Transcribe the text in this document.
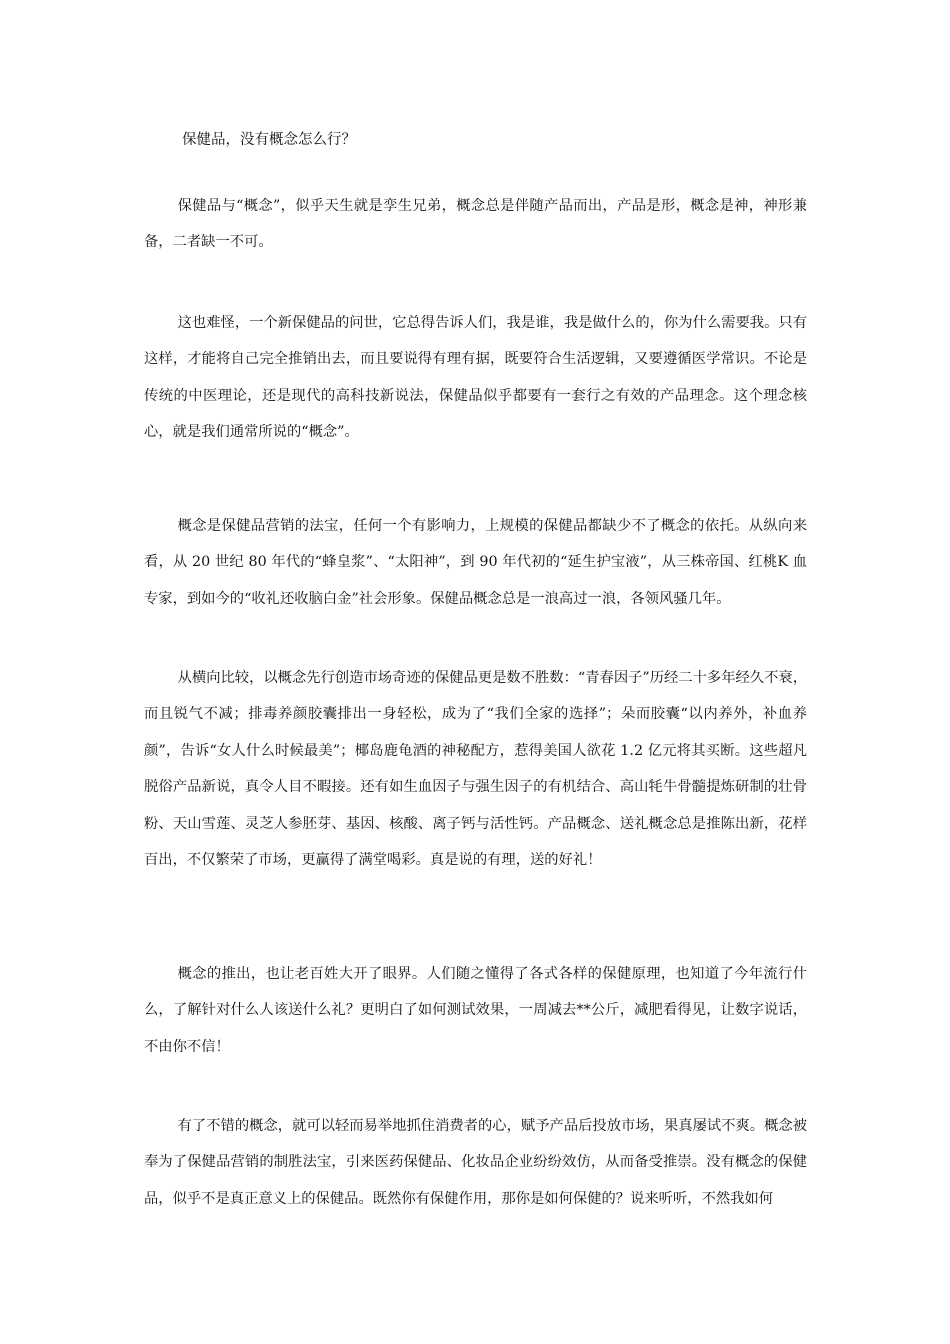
保健品，没有概念怎么行？

保健品与“概念”，似乎天生就是孪生兄弟，概念总是伴随产品而出，产品是形，概念是神，神形兼备，二者缺一不可。

这也难怪，一个新保健品的问世，它总得告诉人们，我是谁，我是做什么的，你为什么需要我。只有这样，才能将自己完全推销出去，而且要说得有理有据，既要符合生活逻辑，又要遵循医学常识。不论是传统的中医理论，还是现代的高科技新说法，保健品似乎都要有一套行之有效的产品理念。这个理念核心，就是我们通常所说的“概念”。

概念是保健品营销的法宝，任何一个有影响力，上规模的保健品都缺少不了概念的依托。从纵向来看，从 20 世纪 80 年代的“蜂皇浆”、“太阳神”，到 90 年代初的“延生护宝液”，从三株帝国、红桃K 血专家，到如今的“收礼还收脑白金”社会形象。保健品概念总是一浪高过一浪，各领风骚几年。

从横向比较，以概念先行创造市场奇迹的保健品更是数不胜数：“青春因子”历经二十多年经久不衰，而且锐气不减；排毒养颜胶囊排出一身轻松，成为了“我们全家的选择”；朵而胶囊“以内养外，补血养颜”，告诉“女人什么时候最美”；椰岛鹿龟酒的神秘配方，惹得美国人欲花 1.2 亿元将其买断。这些超凡脱俗产品新说，真令人目不暇接。还有如生血因子与强生因子的有机结合、高山牦牛骨髓提炼研制的壮骨粉、天山雪莲、灵芝人参胚芽、基因、核酸、离子钙与活性钙。产品概念、送礼概念总是推陈出新，花样百出，不仅繁荣了市场，更赢得了满堂喝彩。真是说的有理，送的好礼！

概念的推出，也让老百姓大开了眼界。人们随之懂得了各式各样的保健原理，也知道了今年流行什么，了解针对什么人该送什么礼？更明白了如何测试效果，一周减去**公斤，减肥看得见，让数字说话，不由你不信！

有了不错的概念，就可以轻而易举地抓住消费者的心，赋予产品后投放市场，果真屡试不爽。概念被奉为了保健品营销的制胜法宝，引来医药保健品、化妆品企业纷纷效仿，从而备受推崇。没有概念的保健品，似乎不是真正意义上的保健品。既然你有保健作用，那你是如何保健的？说来听听，不然我如何
